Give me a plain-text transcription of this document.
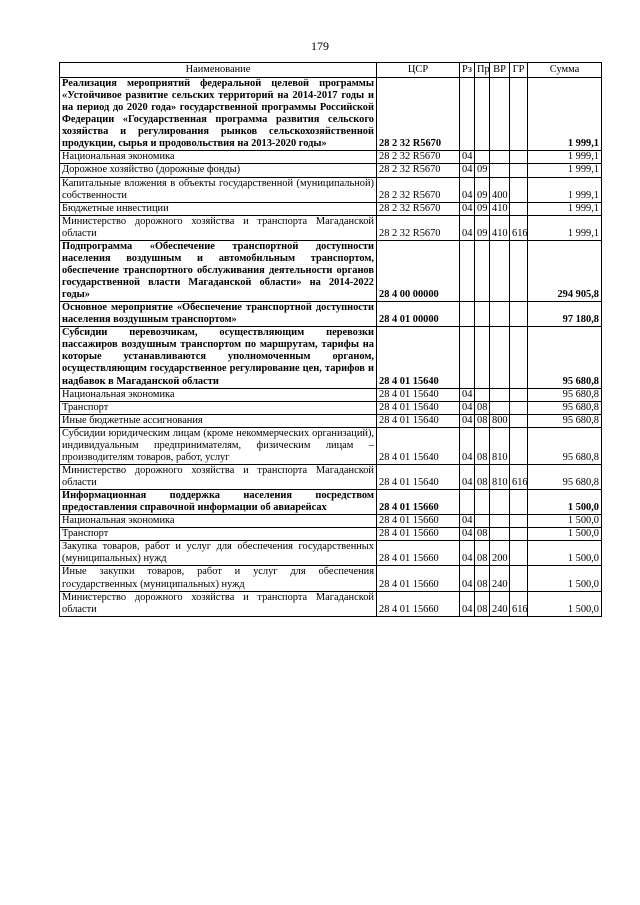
179
Наименование	ЦСР	Рз	Пр	ВР	ГР	Сумма
Реализация мероприятий федеральной целевой программы «Устойчивое развитие сельских территорий на 2014-2017 годы и на период до 2020 года» государственной программы Российской Федерации «Государственная программа развития сельского хозяйства и регулирования рынков сельскохозяйственной продукции, сырья и продовольствия на 2013-2020 годы»	28 2 32 R5670					1 999,1
Национальная экономика	28 2 32 R5670	04				1 999,1
Дорожное хозяйство (дорожные фонды)	28 2 32 R5670	04	09			1 999,1
Капитальные вложения в объекты государственной (муниципальной) собственности	28 2 32 R5670	04	09	400		1 999,1
Бюджетные инвестиции	28 2 32 R5670	04	09	410		1 999,1
Министерство дорожного хозяйства и транспорта Магаданской области	28 2 32 R5670	04	09	410	616	1 999,1
Подпрограмма «Обеспечение транспортной доступности населения воздушным и автомобильным транспортом, обеспечение транспортного обслуживания деятельности органов государственной власти Магаданской области» на 2014-2022 годы»	28 4 00 00000					294 905,8
Основное мероприятие «Обеспечение транспортной доступности населения воздушным транспортом»	28 4 01 00000					97 180,8
Субсидии перевозчикам, осуществляющим перевозки пассажиров воздушным транспортом по маршрутам, тарифы на которые устанавливаются уполномоченным органом, осуществляющим государственное регулирование цен, тарифов и надбавок в Магаданской области	28 4 01 15640					95 680,8
Национальная экономика	28 4 01 15640	04				95 680,8
Транспорт	28 4 01 15640	04	08			95 680,8
Иные бюджетные ассигнования	28 4 01 15640	04	08	800		95 680,8
Субсидии юридическим лицам (кроме некоммерческих организаций), индивидуальным предпринимателям, физическим лицам – производителям товаров, работ, услуг	28 4 01 15640	04	08	810		95 680,8
Министерство дорожного хозяйства и транспорта Магаданской области	28 4 01 15640	04	08	810	616	95 680,8
Информационная поддержка населения посредством предоставления справочной информации об авиарейсах	28 4 01 15660					1 500,0
Национальная экономика	28 4 01 15660	04				1 500,0
Транспорт	28 4 01 15660	04	08			1 500,0
Закупка товаров, работ и услуг для обеспечения государственных (муниципальных) нужд	28 4 01 15660	04	08	200		1 500,0
Иные закупки товаров, работ и услуг для обеспечения государственных (муниципальных) нужд	28 4 01 15660	04	08	240		1 500,0
Министерство дорожного хозяйства и транспорта Магаданской области	28 4 01 15660	04	08	240	616	1 500,0
